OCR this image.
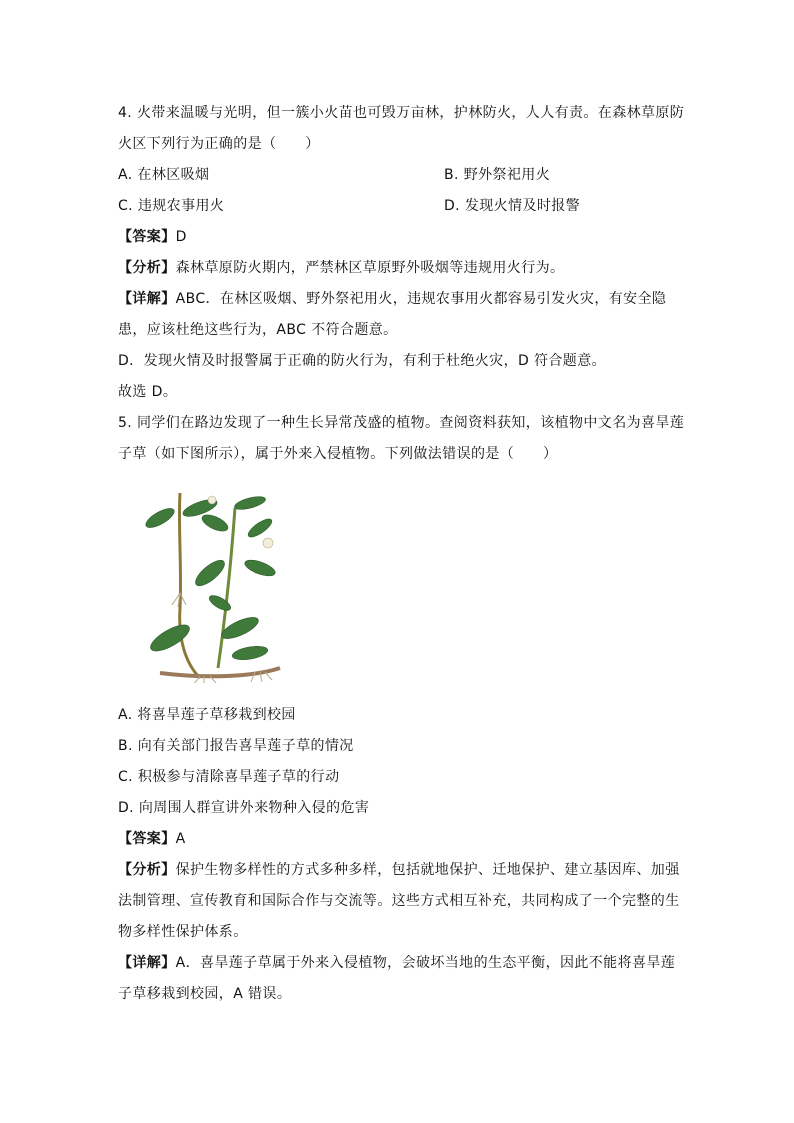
4. 火带来温暖与光明，但一簇小火苗也可毁万亩林，护林防火，人人有责。在森林草原防
火区下列行为正确的是（　　）
A. 在林区吸烟	B. 野外祭祀用火
C. 违规农事用火	D. 发现火情及时报警
【答案】D
【分析】森林草原防火期内，严禁林区草原野外吸烟等违规用火行为。
【详解】ABC．在林区吸烟、野外祭祀用火，违规农事用火都容易引发火灾，有安全隐
患，应该杜绝这些行为，ABC 不符合题意。
D．发现火情及时报警属于正确的防火行为，有利于杜绝火灾，D 符合题意。
故选 D。
5. 同学们在路边发现了一种生长异常茂盛的植物。查阅资料获知，该植物中文名为喜旱莲
子草（如下图所示），属于外来入侵植物。下列做法错误的是（　　）
A. 将喜旱莲子草移栽到校园
B. 向有关部门报告喜旱莲子草的情况
C. 积极参与清除喜旱莲子草的行动
D. 向周围人群宣讲外来物种入侵的危害
【答案】A
【分析】保护生物多样性的方式多种多样，包括就地保护、迁地保护、建立基因库、加强
法制管理、宣传教育和国际合作与交流等。这些方式相互补充，共同构成了一个完整的生
物多样性保护体系。
【详解】A．喜旱莲子草属于外来入侵植物，会破坏当地的生态平衡，因此不能将喜旱莲
子草移栽到校园，A 错误。
